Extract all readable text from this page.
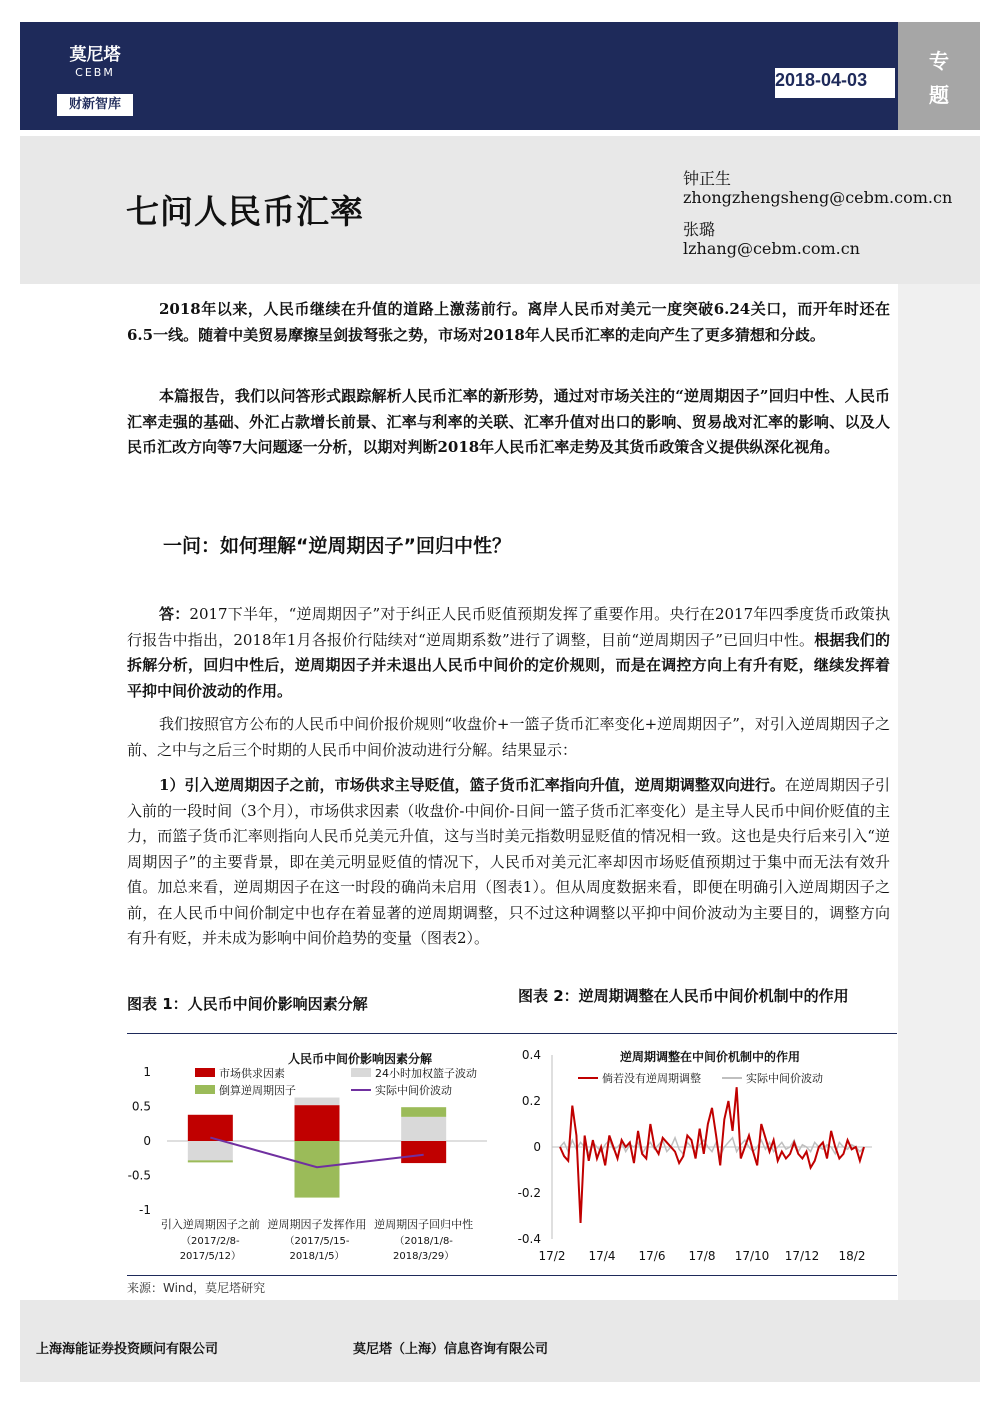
莫尼塔
CEBM
财新智库
2018-04-03
专
题
七问人民币汇率
钟正生
zhongzhengsheng@cebm.com.cn
张璐
lzhang@cebm.com.cn
2018年以来，人民币继续在升值的道路上激荡前行。离岸人民币对美元一度突破6.24关口，而开年时还在6.5一线。随着中美贸易摩擦呈剑拔弩张之势，市场对2018年人民币汇率的走向产生了更多猜想和分歧。
本篇报告，我们以问答形式跟踪解析人民币汇率的新形势，通过对市场关注的“逆周期因子”回归中性、人民币汇率走强的基础、外汇占款增长前景、汇率与利率的关联、汇率升值对出口的影响、贸易战对汇率的影响、以及人民币汇改方向等7大问题逐一分析，以期对判断2018年人民币汇率走势及其货币政策含义提供纵深化视角。
一问：如何理解“逆周期因子”回归中性？
答：2017下半年，“逆周期因子”对于纠正人民币贬值预期发挥了重要作用。央行在2017年四季度货币政策执行报告中指出，2018年1月各报价行陆续对“逆周期系数”进行了调整，目前“逆周期因子”已回归中性。根据我们的拆解分析，回归中性后，逆周期因子并未退出人民币中间价的定价规则，而是在调控方向上有升有贬，继续发挥着平抑中间价波动的作用。
我们按照官方公布的人民币中间价报价规则“收盘价+一篮子货币汇率变化+逆周期因子”，对引入逆周期因子之前、之中与之后三个时期的人民币中间价波动进行分解。结果显示：
1）引入逆周期因子之前，市场供求主导贬值，篮子货币汇率指向升值，逆周期调整双向进行。在逆周期因子引入前的一段时间（3个月），市场供求因素（收盘价-中间价-日间一篮子货币汇率变化）是主导人民币中间价贬值的主力，而篮子货币汇率则指向人民币兑美元升值，这与当时美元指数明显贬值的情况相一致。这也是央行后来引入“逆周期因子”的主要背景，即在美元明显贬值的情况下，人民币对美元汇率却因市场贬值预期过于集中而无法有效升值。加总来看，逆周期因子在这一时段的确尚未启用（图表1）。但从周度数据来看，即便在明确引入逆周期因子之前，在人民币中间价制定中也存在着显著的逆周期调整，只不过这种调整以平抑中间价波动为主要目的，调整方向有升有贬，并未成为影响中间价趋势的变量（图表2）。
图表 1：人民币中间价影响因素分解	图表 2：逆周期调整在人民币中间价机制中的作用
人民币中间价影响因素分解
市场供求因素	24小时加权篮子波动
倒算逆周期因子	实际中间价波动
1
0.5
0
-0.5
-1
引入逆周期因子之前
（2017/2/8-
2017/5/12）
逆周期因子发挥作用
（2017/5/15-
2018/1/5）
逆周期因子回归中性
（2018/1/8-
2018/3/29）
逆周期调整在中间价机制中的作用
倘若没有逆周期调整	实际中间价波动
0.4
0.2
0
-0.2
-0.4
17/2 17/4 17/6 17/8 17/10 17/12 18/2
来源：Wind，莫尼塔研究
上海海能证券投资顾问有限公司	莫尼塔（上海）信息咨询有限公司
